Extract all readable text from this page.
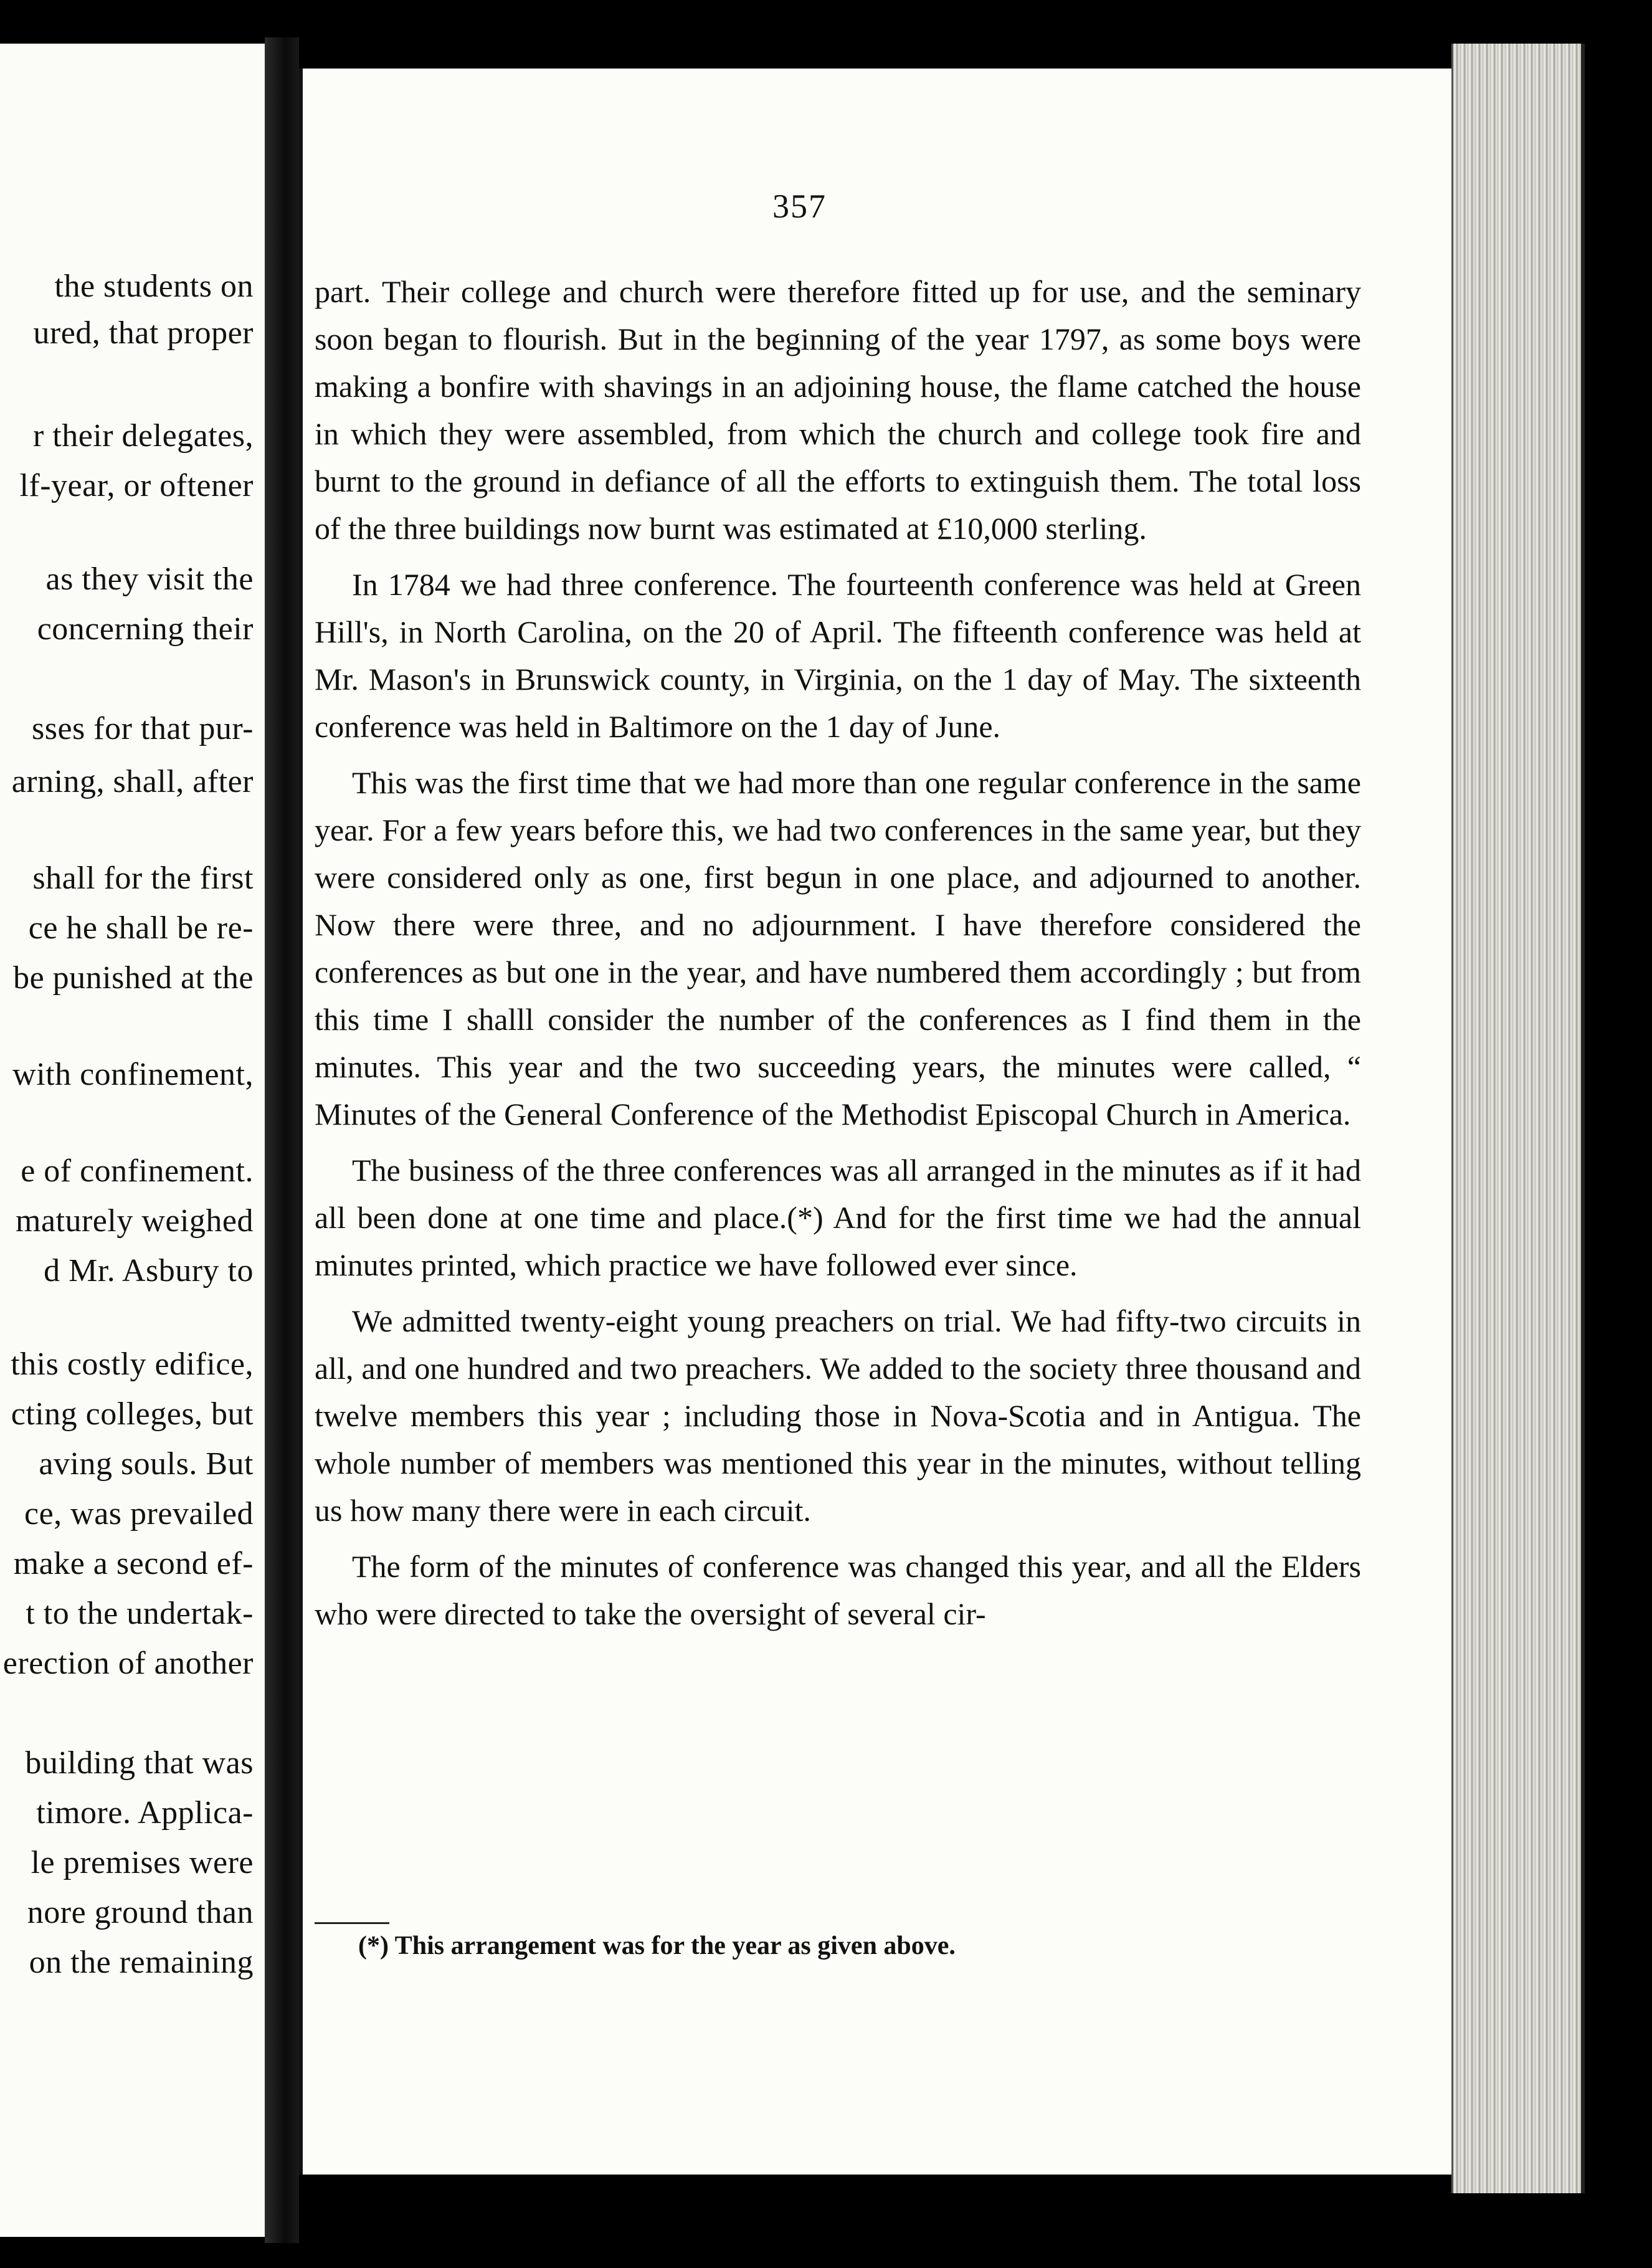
the students on
ured, that proper
r their delegates,
lf-year, or oftener
as they visit the
concerning their
sses for that pur-
arning, shall, after
shall for the first
ce he shall be re-
be punished at the
with confinement,
e of confinement.
maturely weighed
d Mr. Asbury to
this costly edifice,
cting colleges, but
aving souls. But
ce, was prevailed
make a second ef-
t to the undertak-
erection of another
building that was
timore. Applica-
le premises were
nore ground than
on the remaining
357

part. Their college and church were therefore fitted up for use, and the seminary soon began to flourish. But in the beginning of the year 1797, as some boys were making a bonfire with shavings in an adjoining house, the flame catched the house in which they were assembled, from which the church and college took fire and burnt to the ground in defiance of all the efforts to extinguish them. The total loss of the three buildings now burnt was estimated at £10,000 sterling.

In 1784 we had three conference. The fourteenth conference was held at Green Hill's, in North Carolina, on the 20 of April. The fifteenth conference was held at Mr. Mason's in Brunswick county, in Virginia, on the 1 day of May. The sixteenth conference was held in Baltimore on the 1 day of June.

This was the first time that we had more than one regular conference in the same year. For a few years before this, we had two conferences in the same year, but they were considered only as one, first begun in one place, and adjourned to another. Now there were three, and no adjournment. I have therefore considered the conferences as but one in the year, and have numbered them accordingly ; but from this time I shalll consider the number of the conferences as I find them in the minutes. This year and the two succeeding years, the minutes were called, “ Minutes of the General Conference of the Methodist Episcopal Church in America.

The business of the three conferences was all arranged in the minutes as if it had all been done at one time and place.(*) And for the first time we had the annual minutes printed, which practice we have followed ever since.

We admitted twenty-eight young preachers on trial. We had fifty-two circuits in all, and one hundred and two preachers. We added to the society three thousand and twelve members this year ; including those in Nova-Scotia and in Antigua. The whole number of members was mentioned this year in the minutes, without telling us how many there were in each circuit.

The form of the minutes of conference was changed this year, and all the Elders who were directed to take the oversight of several cir-

(*) This arrangement was for the year as given above.
